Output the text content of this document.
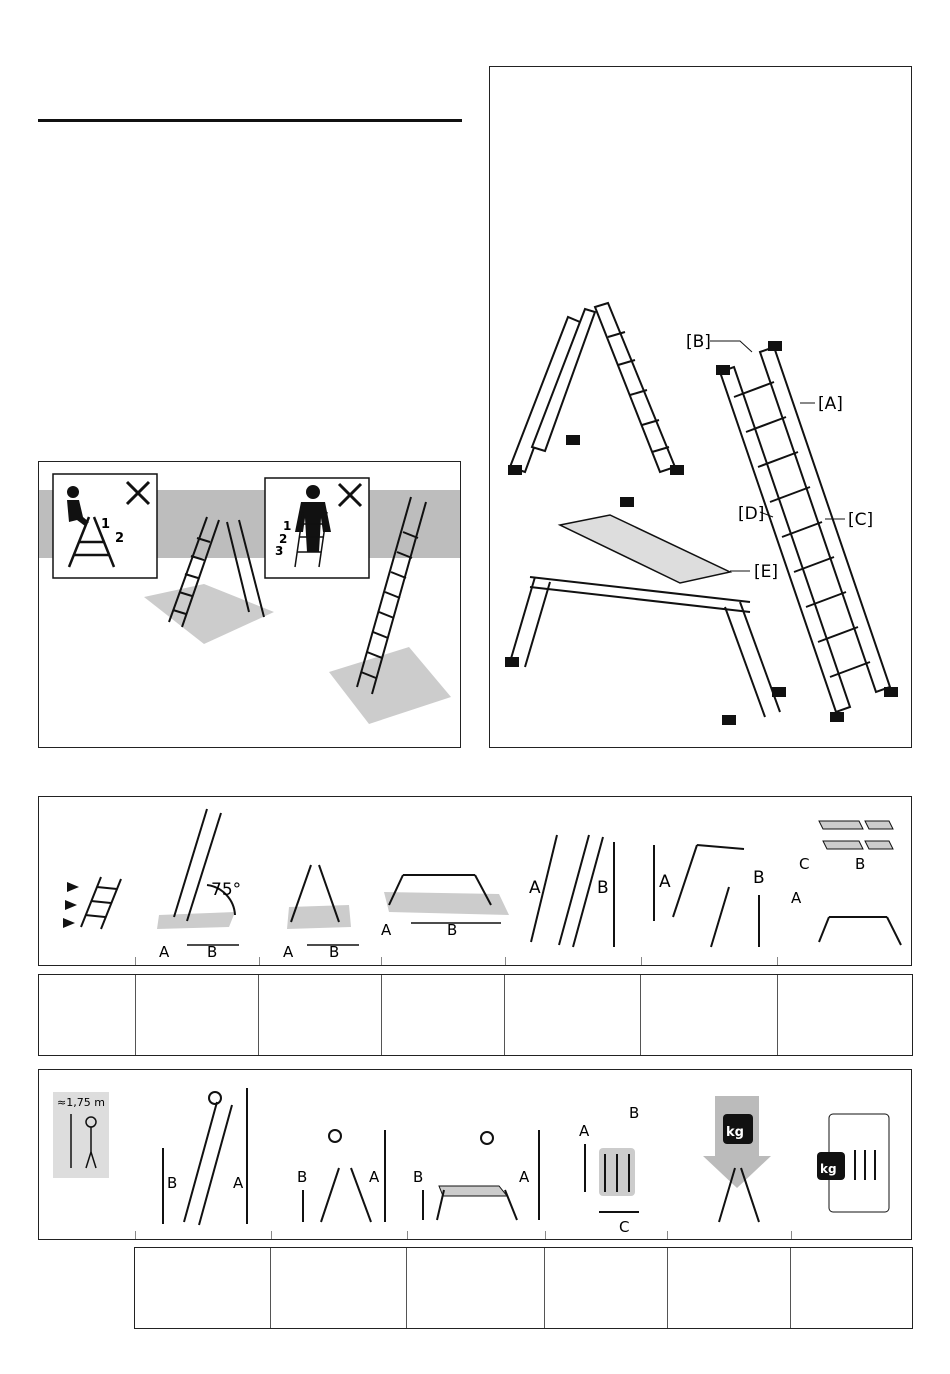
1
2
1
2
3
[B]
[A]
[D]	[C]
[E]
75°
A	B	A B
A	B
A	B	A	B
C	B
A
≈1,75 m
B	A	B	A B	A
A
B
C
kg
kg
